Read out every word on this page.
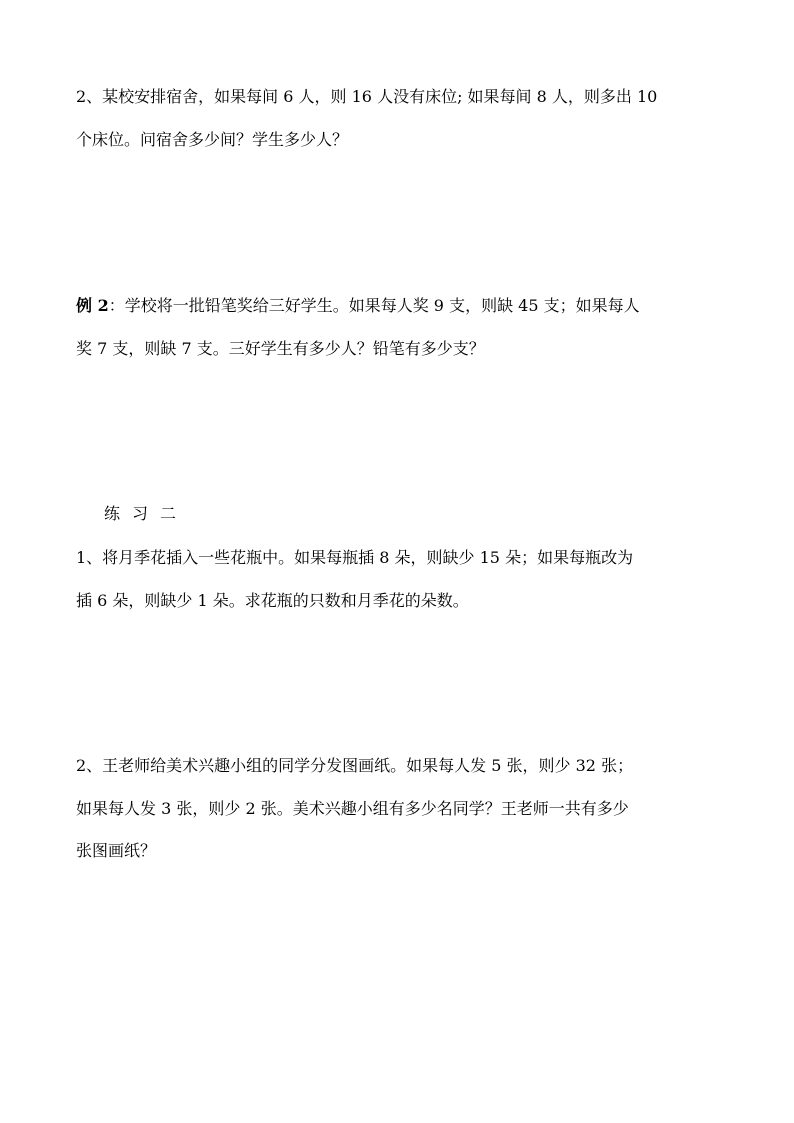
2、某校安排宿舍，如果每间 6 人，则 16 人没有床位; 如果每间 8 人，则多出 10
个床位。问宿舍多少间？学生多少人？
例 2：学校将一批铅笔奖给三好学生。如果每人奖 9 支，则缺 45 支；如果每人
奖 7 支，则缺 7 支。三好学生有多少人？铅笔有多少支？
练习二
1、将月季花插入一些花瓶中。如果每瓶插 8 朵，则缺少 15 朵；如果每瓶改为
插 6 朵，则缺少 1 朵。求花瓶的只数和月季花的朵数。
2、王老师给美术兴趣小组的同学分发图画纸。如果每人发 5 张，则少 32 张；
如果每人发 3 张，则少 2 张。美术兴趣小组有多少名同学？王老师一共有多少
张图画纸？
